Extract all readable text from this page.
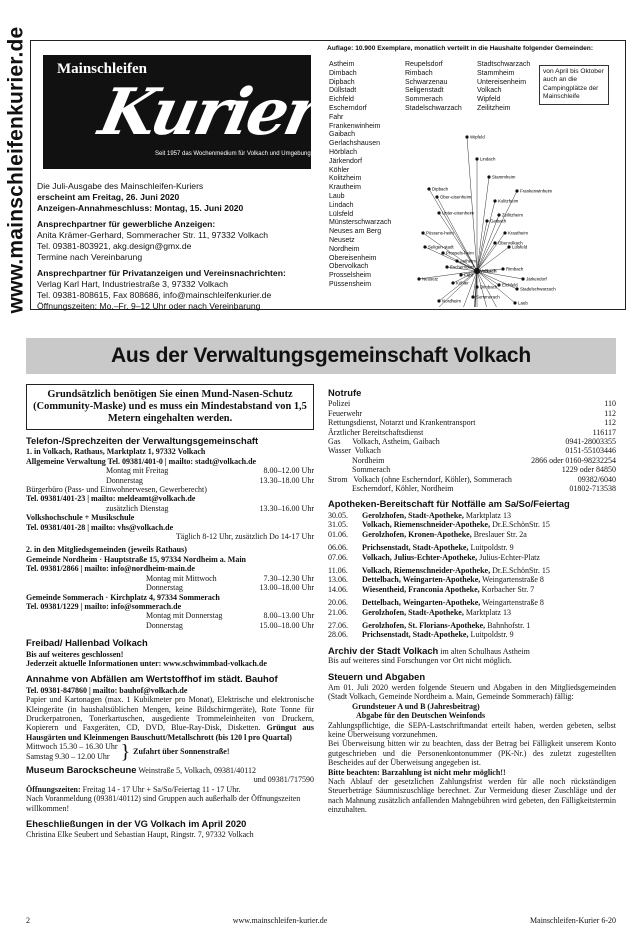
www.mainschleifenkurier.de Mainschleifen
Kurier
Seit 1957 das Wochenmedium für Volkach und Umgebung
Die Juli-Ausgabe des Mainschleifen-Kuriers
erscheint am Freitag, 26. Juni 2020
Anzeigen-Annahmeschluss: Montag, 15. Juni 2020
Ansprechpartner für gewerbliche Anzeigen:
Anita Krämer-Gerhard, Sommeracher Str. 11, 97332 Volkach
Tel. 09381-803921, akg.design@gmx.de
Termine nach Vereinbarung
Ansprechpartner für Privatanzeigen und Vereinsnachrichten:
Verlag Karl Hart, Industriestraße 3, 97332 Volkach
Tel. 09381-808615, Fax 808686, info@mainschleifenkurier.de
Öffnungszeiten: Mo.–Fr. 9–12 Uhr oder nach Vereinbarung
Auflage: 10.900 Exemplare, monatlich verteilt in die Haushalte folgender Gemeinden:
Astheim
Dimbach
Dipbach
Düllstadt
Eichfeld
Escherndorf
Fahr
Frankenwinheim
Gaibach
Gerlachshausen
Hörblach
Järkendorf
Köhler
Kolitzheim
Krautheim
Laub
Lindach
Lülsfeld
Münsterschwarzach
Neuses am Berg
Neusetz
Nordheim
Obereisenheim
Obervolkach
Prosselsheim
Püssensheim
Reupelsdorf
Rimbach
Schwarzenau
Seligenstadt
Sommerach
Stadelschwarzach
Stadtschwarzach
Stammheim
Untereisenheim
Volkach
Wipfeld
Zeilitzheim
von April bis Oktober auch an die Campingplätze der Mainschleife
Wipfeld
Lindach
Stammheim
Frankenwinheim
Dipbach
Ober-eisenheim
Kolitzheim
Unter-eisenheim	Zeilitzheim
Gaibach
Krautheim
Püssens-heim
Obervolkach
Lülsfeld
Seligen-stadt
Prossels-heim
Astheim
Escherndorf
Volkach Rimbach
Fahr
Järkendorf
Neusetz
Köhler
Dimbach Eichfeld
Stadelschwarzach
Nordheim
Sommerach
Laub
Aus der Verwaltungsgemeinschaft Volkach
Grundsätzlich benötigen Sie einen Mund-Nasen-Schutz (Community-Maske) und es muss ein Mindestabstand von 1,5 Metern eingehalten werden.
Telefon-/Sprechzeiten der Verwaltungsgemeinschaft
1. in Volkach, Rathaus, Marktplatz 1, 97332 Volkach
Allgemeine Verwaltung Tel. 09381/401-0 | mailto: stadt@volkach.de
Montag mit Freitag	8.00–12.00 Uhr
Donnerstag	13.30–18.00 Uhr
Bürgerbüro (Pass- und Einwohnerwesen, Gewerberecht)
Tel. 09381/401-23 | mailto: meldeamt@volkach.de
zusätzlich Dienstag	13.30–16.00 Uhr
Volkshochschule + Musikschule
Tel. 09381/401-28 | mailto: vhs@volkach.de
Täglich 8-12 Uhr, zusätzlich Do 14-17 Uhr
2. in den Mitgliedsgemeinden (jeweils Rathaus)
Gemeinde Nordheim · Hauptstraße 15, 97334 Nordheim a. Main
Tel. 09381/2866 | mailto: info@nordheim-main.de
Montag mit Mittwoch	7.30–12.30 Uhr
Donnerstag	13.00–18.00 Uhr
Gemeinde Sommerach · Kirchplatz 4, 97334 Sommerach
Tel. 09381/1229 | mailto: info@sommerach.de
Montag mit Donnerstag	8.00–13.00 Uhr
Donnerstag	15.00–18.00 Uhr
Freibad/ Hallenbad Volkach
Bis auf weiteres geschlossen!
Jederzeit aktuelle Informationen unter: www.schwimmbad-volkach.de
Annahme von Abfällen am Wertstoffhof im städt. Bauhof
Tel. 09381-847860 | mailto: bauhof@volkach.de
Papier und Kartonagen (max. 1 Kubikmeter pro Monat), Elektrische und elektronische Kleingeräte (in haushaltsüblichen Mengen, keine Bildschirmgeräte), Rote Tonne für Druckerpatronen, Tonerkartuschen, ausgediente Trommeleinheiten von Druckern, Kopierern und Faxgeräten, CD, DVD, Blue-Ray-Disk, Disketten. Grüngut aus Hausgärten und Kleinmengen Bauschutt/Metallschrott (bis 120 l pro Quartal)
Mittwoch 15.30 – 16.30 Uhr
Samstag 9.30 – 12.00 Uhr } Zufahrt über Sonnenstraße!
Museum Barockscheune Weinstraße 5, Volkach, 09381/40112
und 09381/717590
Öffnungszeiten: Freitag 14 - 17 Uhr + Sa/So/Feiertag 11 - 17 Uhr.
Nach Voranmeldung (09381/40112) sind Gruppen auch außerhalb der Öffnungszeiten willkommen!
Eheschließungen in der VG Volkach im April 2020
Christina Elke Seubert und Sebastian Haupt, Ringstr. 7, 97332 Volkach
Notrufe
Polizei	110
Feuerwehr	112
Rettungsdienst, Notarzt und Krankentransport	112
Ärztlicher Bereitschaftsdienst	116117
Gas      Volkach, Astheim, Gaibach	0941-28003355
Wasser  Volkach	0151-55103446
Nordheim	2866 oder 0160-98232254
Sommerach	1229 oder 84850
Strom   Volkach (ohne Escherndorf, Köhler), Sommerach	09382/6040
Escherndorf, Köhler, Nordheim	01802-713538
Apotheken-Bereitschaft für Notfälle am Sa/So/Feiertag
30.05.	Gerolzhofen, Stadt-Apotheke, Marktplatz 13
31.05.	Volkach, Riemenschneider-Apotheke, Dr.E.SchönStr. 15
01.06.	Gerolzhofen, Kronen-Apotheke, Breslauer Str. 2a
06.06.	Prichsenstadt, Stadt-Apotheke, Luitpoldstr. 9
07.06.	Volkach, Julius-Echter-Apotheke, Julius-Echter-Platz
11.06.	Volkach, Riemenschneider-Apotheke, Dr.E.SchönStr. 15
13.06.	Dettelbach, Weingarten-Apotheke, Weingartenstraße 8
14.06.	Wiesentheid, Franconia Apotheke, Korbacher Str. 7
20.06.	Dettelbach, Weingarten-Apotheke, Weingartenstraße 8
21.06.	Gerolzhofen, Stadt-Apotheke, Marktplatz 13
27.06.	Gerolzhofen, St. Florians-Apotheke, Bahnhofstr. 1
28.06.	Prichsenstadt, Stadt-Apotheke, Luitpoldstr. 9
Archiv der Stadt Volkach im alten Schulhaus Astheim
Bis auf weiteres sind Forschungen vor Ort nicht möglich.
Steuern und Abgaben
Am 01. Juli 2020 werden folgende Steuern und Abgaben in den Mitgliedsgemeinden (Stadt Volkach, Gemeinde Nordheim a. Main, Gemeinde Sommerach) fällig:
Grundsteuer A und B (Jahresbeitrag)
Abgabe für den Deutschen Weinfonds
Zahlungspflichtige, die SEPA-Lastschriftmandat erteilt haben, werden gebeten, selbst keine Überweisung vorzunehmen.
Bei Überweisung bitten wir zu beachten, dass der Betrag bei Fälligkeit unserem Konto gutgeschrieben und die Personenkontonummer (PK-Nr.) des zuletzt zugestellten Bescheides auf der Überweisung angegeben ist.
Bitte beachten: Barzahlung ist nicht mehr möglich!!
Nach Ablauf der gesetzlichen Zahlungsfrist werden für alle noch rückständigen Steuerbeträge Säumniszuschläge berechnet. Zur Vermeidung dieser Zuschläge und der nach Mahnung zusätzlich anfallenden Mahngebühren wird gebeten, den Fälligkeitstermin einzuhalten.
2	www.mainschleifen-kurier.de	Mainschleifen-Kurier 6-20
